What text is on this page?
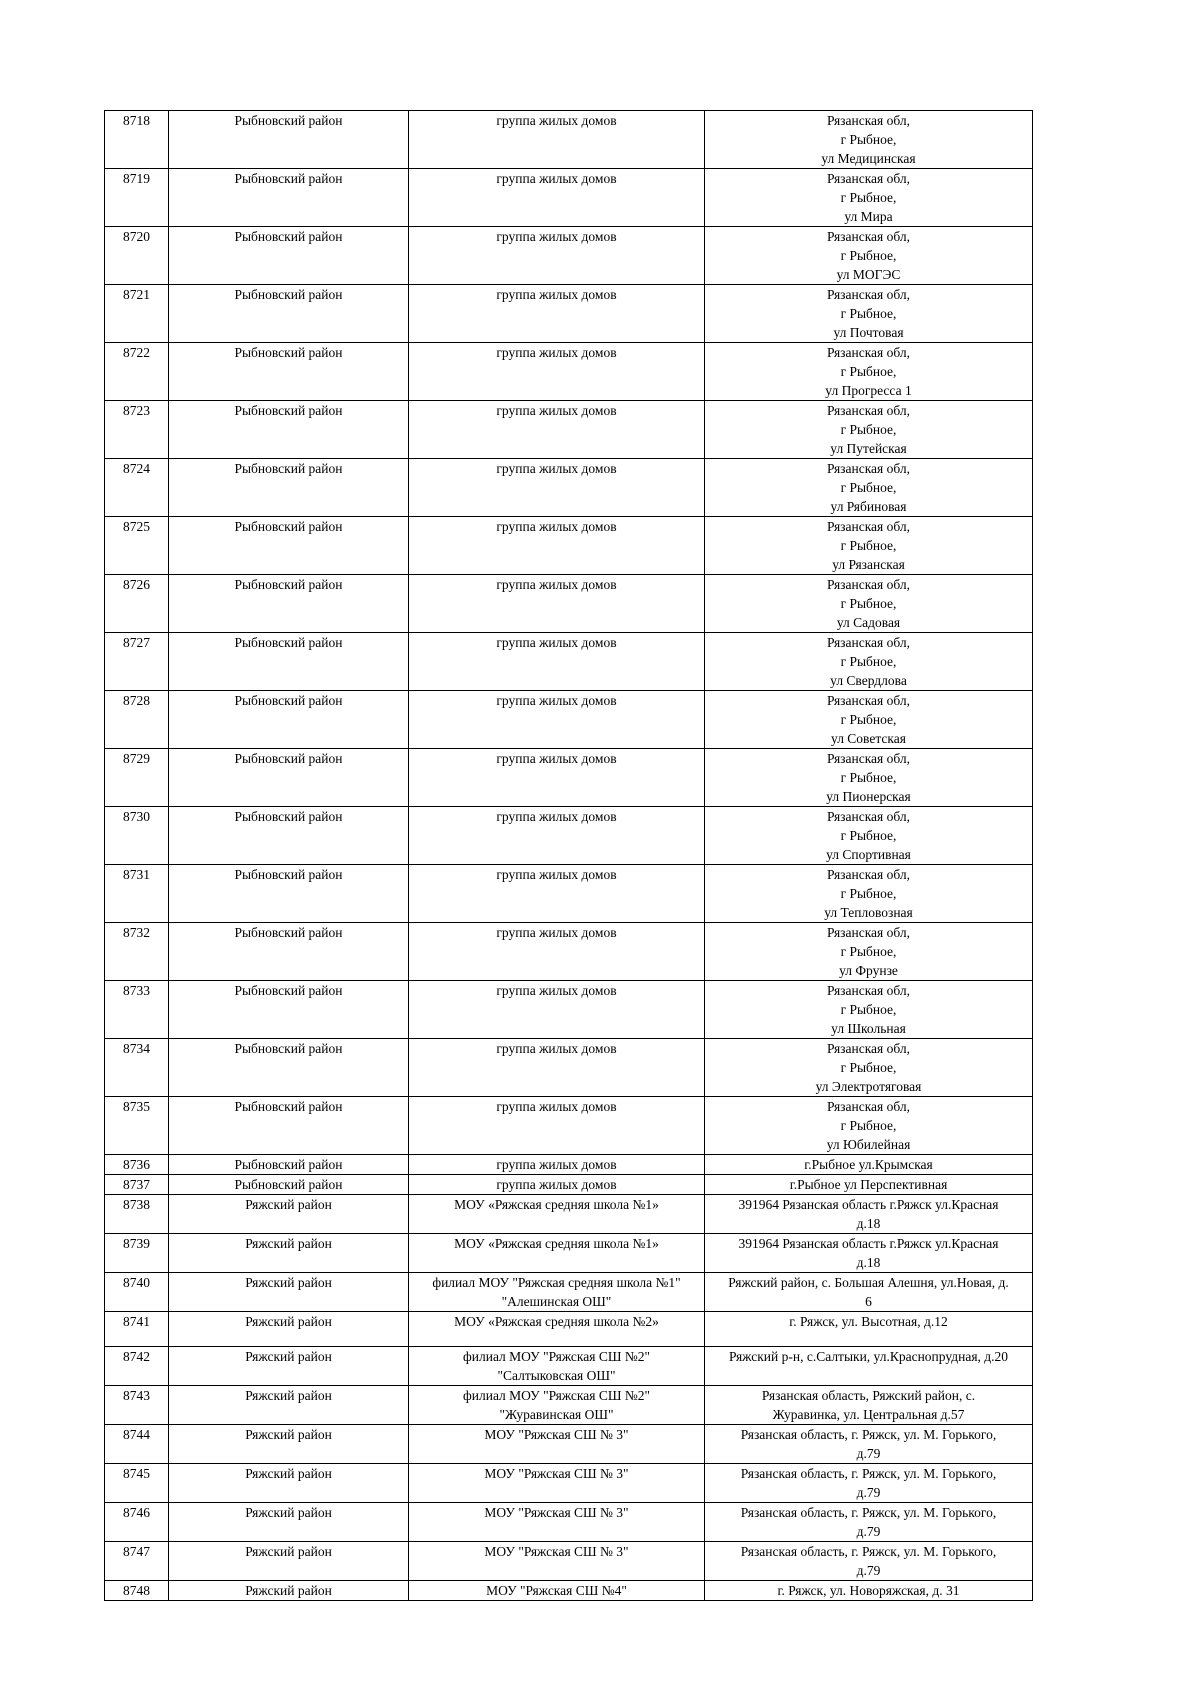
8718	Рыбновский район	группа жилых домов	Рязанская обл,
г Рыбное,
ул Медицинская

8719	Рыбновский район	группа жилых домов	Рязанская обл,
г Рыбное,
ул Мира

8720	Рыбновский район	группа жилых домов	Рязанская обл,
г Рыбное,
ул МОГЭС

8721	Рыбновский район	группа жилых домов	Рязанская обл,
г Рыбное,
ул Почтовая

8722	Рыбновский район	группа жилых домов	Рязанская обл,
г Рыбное,
ул Прогресса 1

8723	Рыбновский район	группа жилых домов	Рязанская обл,
г Рыбное,
ул Путейская

8724	Рыбновский район	группа жилых домов	Рязанская обл,
г Рыбное,
ул Рябиновая

8725	Рыбновский район	группа жилых домов	Рязанская обл,
г Рыбное,
ул Рязанская

8726	Рыбновский район	группа жилых домов	Рязанская обл,
г Рыбное,
ул Садовая

8727	Рыбновский район	группа жилых домов	Рязанская обл,
г Рыбное,
ул Свердлова

8728	Рыбновский район	группа жилых домов	Рязанская обл,
г Рыбное,
ул Советская

8729	Рыбновский район	группа жилых домов	Рязанская обл,
г Рыбное,
ул Пионерская

8730	Рыбновский район	группа жилых домов	Рязанская обл,
г Рыбное,
ул Спортивная

8731	Рыбновский район	группа жилых домов	Рязанская обл,
г Рыбное,
ул Тепловозная

8732	Рыбновский район	группа жилых домов	Рязанская обл,
г Рыбное,
ул Фрунзе

8733	Рыбновский район	группа жилых домов	Рязанская обл,
г Рыбное,
ул Школьная

8734	Рыбновский район	группа жилых домов	Рязанская обл,
г Рыбное,
ул Электротяговая

8735	Рыбновский район	группа жилых домов	Рязанская обл,
г Рыбное,
ул Юбилейная

8736	Рыбновский район	группа жилых домов	г.Рыбное ул.Крымская

8737	Рыбновский район	группа жилых домов	г.Рыбное ул Перспективная

8738	Ряжский район	МОУ «Ряжская средняя школа №1»	391964 Рязанская область г.Ряжск ул.Красная
д.18

8739	Ряжский район	МОУ «Ряжская средняя школа №1»	391964 Рязанская область г.Ряжск ул.Красная
д.18

8740	Ряжский район	филиал МОУ "Ряжская средняя школа №1"
"Алешинская ОШ"	Ряжский район, с. Большая Алешня, ул.Новая, д.
6

8741	Ряжский район	МОУ «Ряжская средняя школа №2»	г. Ряжск, ул. Высотная, д.12

8742	Ряжский район	филиал МОУ "Ряжская СШ №2"
"Салтыковская ОШ"	Ряжский р-н, с.Салтыки, ул.Краснопрудная, д.20

8743	Ряжский район	филиал МОУ "Ряжская СШ №2"
"Журавинская ОШ"	Рязанская область, Ряжский район, с.
Журавинка, ул. Центральная д.57

8744	Ряжский район	МОУ "Ряжская СШ № 3"	Рязанская область, г. Ряжск, ул. М. Горького,
д.79

8745	Ряжский район	МОУ "Ряжская СШ № 3"	Рязанская область, г. Ряжск, ул. М. Горького,
д.79

8746	Ряжский район	МОУ "Ряжская СШ № 3"	Рязанская область, г. Ряжск, ул. М. Горького,
д.79

8747	Ряжский район	МОУ "Ряжская СШ № 3"	Рязанская область, г. Ряжск, ул. М. Горького,
д.79

8748	Ряжский район	МОУ "Ряжская СШ №4"	г. Ряжск, ул. Новоряжская, д. 31
